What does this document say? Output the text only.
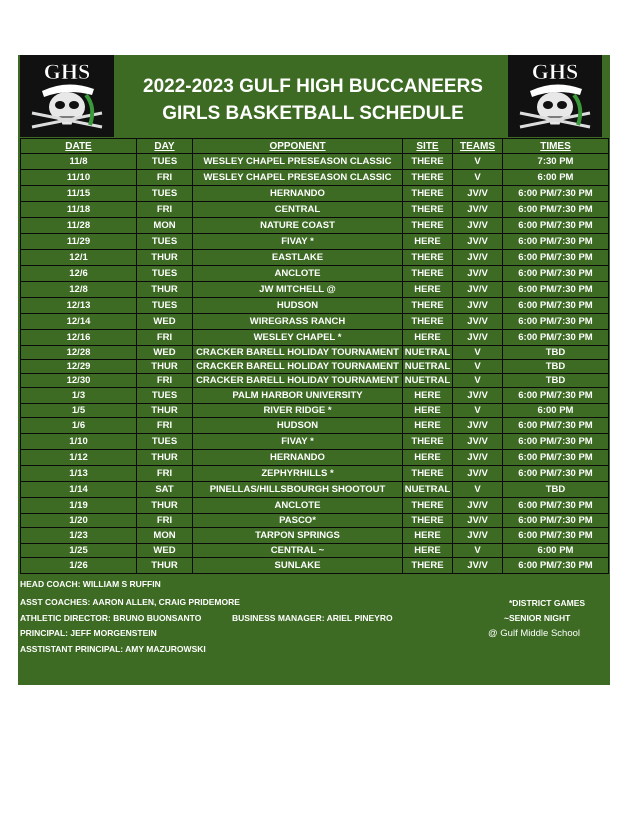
GHS
2022-2023 GULF HIGH BUCCANEERS
GIRLS BASKETBALL SCHEDULE
GHS
DATE	DAY	OPPONENT	SITE	TEAMS	TIMES
11/8	TUES	WESLEY CHAPEL PRESEASON CLASSIC	THERE	V	7:30 PM
11/10	FRI	WESLEY CHAPEL PRESEASON CLASSIC	THERE	V	6:00 PM
11/15	TUES	HERNANDO	THERE	JV/V	6:00 PM/7:30 PM
11/18	FRI	CENTRAL	THERE	JV/V	6:00 PM/7:30 PM
11/28	MON	NATURE COAST	THERE	JV/V	6:00 PM/7:30 PM
11/29	TUES	FIVAY *	HERE	JV/V	6:00 PM/7:30 PM
12/1	THUR	EASTLAKE	THERE	JV/V	6:00 PM/7:30 PM
12/6	TUES	ANCLOTE	THERE	JV/V	6:00 PM/7:30 PM
12/8	THUR	JW MITCHELL @	HERE	JV/V	6:00 PM/7:30 PM
12/13	TUES	HUDSON	THERE	JV/V	6:00 PM/7:30 PM
12/14	WED	WIREGRASS RANCH	THERE	JV/V	6:00 PM/7:30 PM
12/16	FRI	WESLEY CHAPEL *	HERE	JV/V	6:00 PM/7:30 PM
12/28	WED	CRACKER BARELL HOLIDAY TOURNAMENT	NUETRAL	V	TBD
12/29	THUR	CRACKER BARELL HOLIDAY TOURNAMENT	NUETRAL	V	TBD
12/30	FRI	CRACKER BARELL HOLIDAY TOURNAMENT	NUETRAL	V	TBD
1/3	TUES	PALM HARBOR UNIVERSITY	HERE	JV/V	6:00 PM/7:30 PM
1/5	THUR	RIVER RIDGE *	HERE	V	6:00 PM
1/6	FRI	HUDSON	HERE	JV/V	6:00 PM/7:30 PM
1/10	TUES	FIVAY *	THERE	JV/V	6:00 PM/7:30 PM
1/12	THUR	HERNANDO	HERE	JV/V	6:00 PM/7:30 PM
1/13	FRI	ZEPHYRHILLS *	THERE	JV/V	6:00 PM/7:30 PM
1/14	SAT	PINELLAS/HILLSBOURGH SHOOTOUT	NUETRAL	V	TBD
1/19	THUR	ANCLOTE	THERE	JV/V	6:00 PM/7:30 PM
1/20	FRI	PASCO*	THERE	JV/V	6:00 PM/7:30 PM
1/23	MON	TARPON SPRINGS	HERE	JV/V	6:00 PM/7:30 PM
1/25	WED	CENTRAL ~	HERE	V	6:00 PM
1/26	THUR	SUNLAKE	THERE	JV/V	6:00 PM/7:30 PM
HEAD COACH: WILLIAM S RUFFIN
ASST COACHES: AARON ALLEN, CRAIG PRIDEMORE
ATHLETIC DIRECTOR: BRUNO BUONSANTO	BUSINESS MANAGER: ARIEL PINEYRO
PRINCIPAL: JEFF MORGENSTEIN
ASSTISTANT PRINCIPAL: AMY MAZUROWSKI
*DISTRICT GAMES
~SENIOR NIGHT
@ Gulf Middle School
